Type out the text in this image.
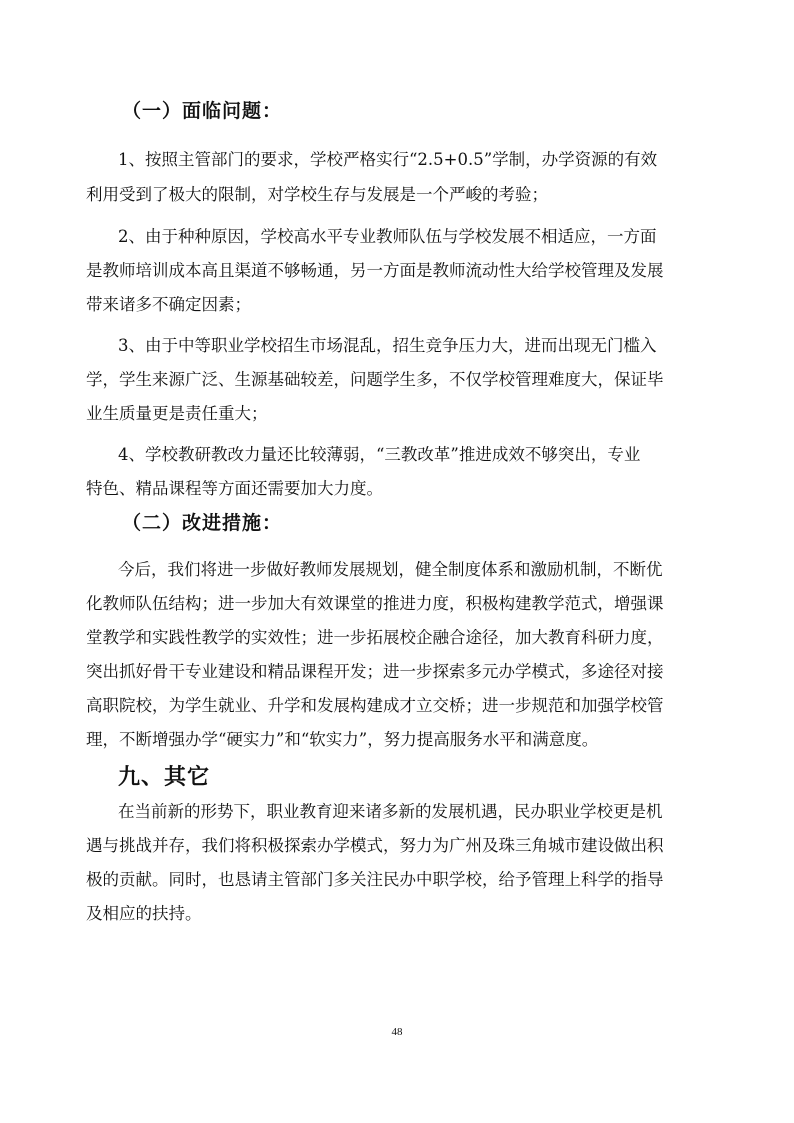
（一）面临问题：
1、按照主管部门的要求，学校严格实行“2.5+0.5”学制，办学资源的有效
利用受到了极大的限制，对学校生存与发展是一个严峻的考验；
2、由于种种原因，学校高水平专业教师队伍与学校发展不相适应，一方面
是教师培训成本高且渠道不够畅通，另一方面是教师流动性大给学校管理及发展
带来诸多不确定因素；
3、由于中等职业学校招生市场混乱，招生竞争压力大，进而出现无门槛入
学，学生来源广泛、生源基础较差，问题学生多，不仅学校管理难度大，保证毕
业生质量更是责任重大；
4、学校教研教改力量还比较薄弱，“三教改革”推进成效不够突出，专业
特色、精品课程等方面还需要加大力度。
（二）改进措施：
今后，我们将进一步做好教师发展规划，健全制度体系和激励机制，不断优
化教师队伍结构；进一步加大有效课堂的推进力度，积极构建教学范式，增强课
堂教学和实践性教学的实效性；进一步拓展校企融合途径，加大教育科研力度，
突出抓好骨干专业建设和精品课程开发；进一步探索多元办学模式，多途径对接
高职院校，为学生就业、升学和发展构建成才立交桥；进一步规范和加强学校管
理，不断增强办学“硬实力”和“软实力”，努力提高服务水平和满意度。
九、其它
在当前新的形势下，职业教育迎来诸多新的发展机遇，民办职业学校更是机
遇与挑战并存，我们将积极探索办学模式，努力为广州及珠三角城市建设做出积
极的贡献。同时，也恳请主管部门多关注民办中职学校，给予管理上科学的指导
及相应的扶持。
48
